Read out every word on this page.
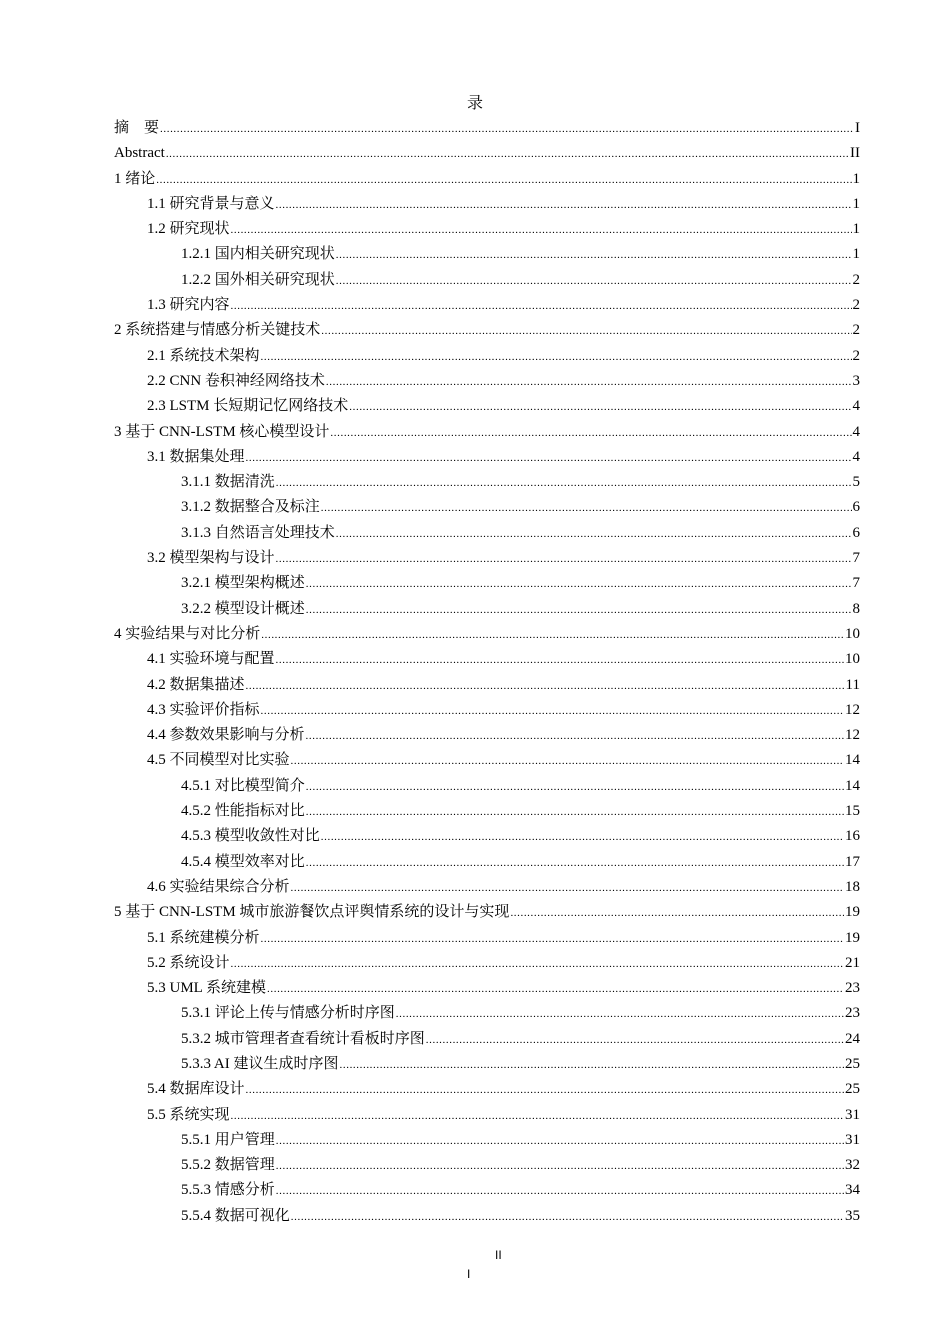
录
摘　要 .....	I
Abstract .....	II
1 绪论 .....	1
1.1 研究背景与意义 .....	1
1.2 研究现状 .....	1
1.2.1 国内相关研究现状 .....	1
1.2.2 国外相关研究现状 .....	2
1.3 研究内容 .....	2
2 系统搭建与情感分析关键技术 .....	2
2.1 系统技术架构 .....	2
2.2 CNN 卷积神经网络技术 .....	3
2.3 LSTM 长短期记忆网络技术 .....	4
3 基于 CNN-LSTM 核心模型设计 .....	4
3.1 数据集处理 .....	4
3.1.1 数据清洗 .....	5
3.1.2 数据整合及标注 .....	6
3.1.3 自然语言处理技术 .....	6
3.2 模型架构与设计 .....	7
3.2.1 模型架构概述 .....	7
3.2.2 模型设计概述 .....	8
4 实验结果与对比分析 .....	10
4.1 实验环境与配置 .....	10
4.2 数据集描述 .....	11
4.3 实验评价指标 .....	12
4.4 参数效果影响与分析 .....	12
4.5 不同模型对比实验 .....	14
4.5.1 对比模型简介 .....	14
4.5.2 性能指标对比 .....	15
4.5.3 模型收敛性对比 .....	16
4.5.4 模型效率对比 .....	17
4.6 实验结果综合分析 .....	18
5 基于 CNN-LSTM 城市旅游餐饮点评舆情系统的设计与实现 .....	19
5.1 系统建模分析 .....	19
5.2 系统设计 .....	21
5.3 UML 系统建模 .....	23
5.3.1 评论上传与情感分析时序图 .....	23
5.3.2 城市管理者查看统计看板时序图 .....	24
5.3.3 AI 建议生成时序图 .....	25
5.4 数据库设计 .....	25
5.5 系统实现 .....	31
5.5.1 用户管理 .....	31
5.5.2 数据管理 .....	32
5.5.3 情感分析 .....	34
5.5.4 数据可视化 .....	35
II
I
